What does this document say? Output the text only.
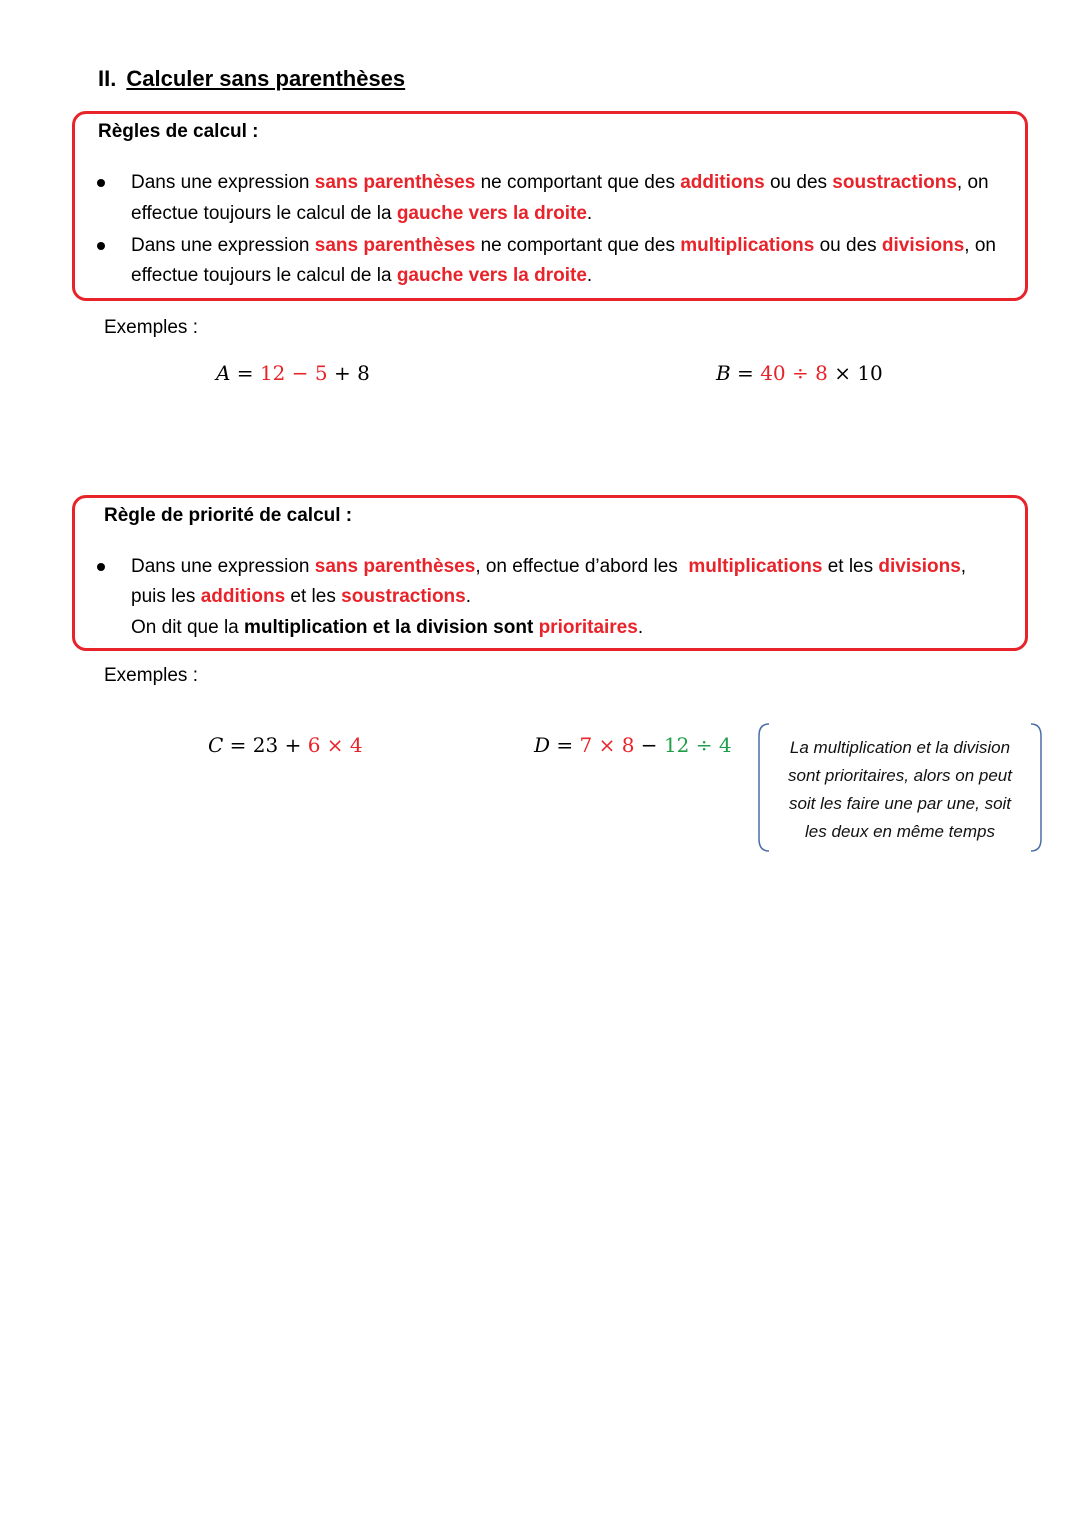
II. Calculer sans parenthèses
Règles de calcul :
Dans une expression sans parenthèses ne comportant que des additions ou des soustractions, on
effectue toujours le calcul de la gauche vers la droite.
Dans une expression sans parenthèses ne comportant que des multiplications ou des divisions, on
effectue toujours le calcul de la gauche vers la droite.
Exemples :
A = 12 − 5 + 8	B = 40 ÷ 8 × 10
Règle de priorité de calcul :
Dans une expression sans parenthèses, on effectue d’abord les  multiplications et les divisions,
puis les additions et les soustractions.
On dit que la multiplication et la division sont prioritaires.
Exemples :
C = 23 + 6 × 4	D = 7 × 8 − 12 ÷ 4	La multiplication et la division
sont prioritaires, alors on peut
soit les faire une par une, soit
les deux en même temps
